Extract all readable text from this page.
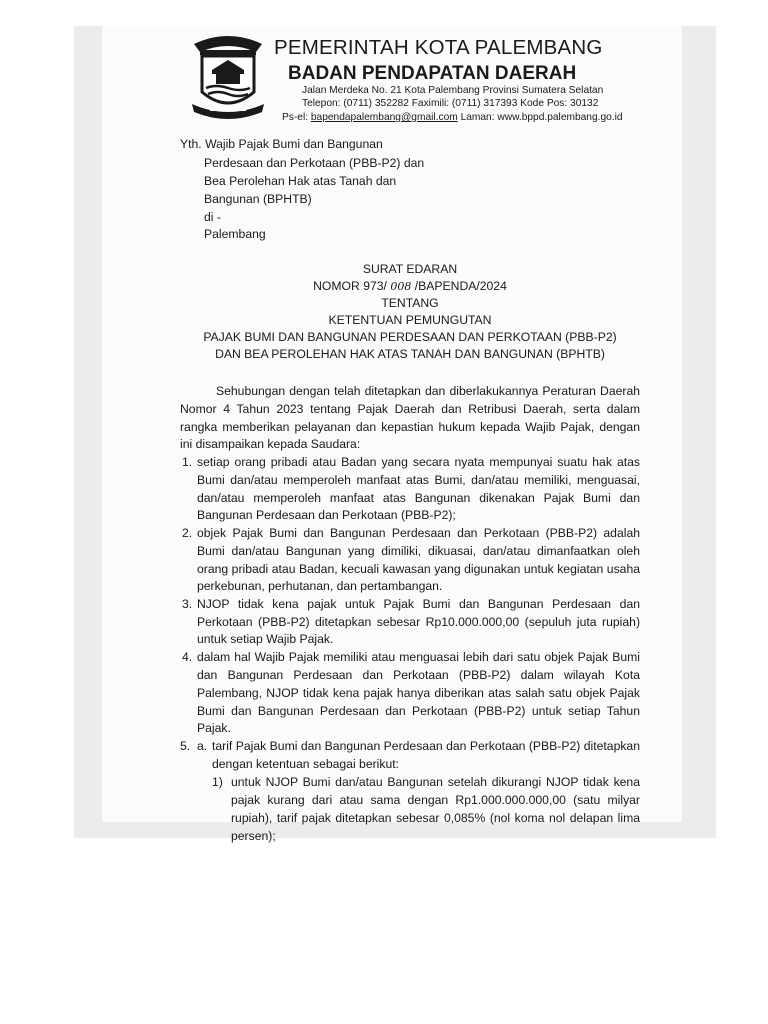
PEMERINTAH KOTA PALEMBANG
BADAN PENDAPATAN DAERAH
Jalan Merdeka No. 21 Kota Palembang Provinsi Sumatera Selatan
Telepon: (0711) 352282 Faximili: (0711) 317393 Kode Pos: 30132
Ps-el: bapendapalembang@gmail.com Laman: www.bppd.palembang.go.id
Yth. Wajib Pajak Bumi dan Bangunan
Perdesaan dan Perkotaan (PBB-P2) dan
Bea Perolehan Hak atas Tanah dan
Bangunan (BPHTB)
di -
Palembang
SURAT EDARAN
NOMOR 973/ 008 /BAPENDA/2024
TENTANG
KETENTUAN PEMUNGUTAN
PAJAK BUMI DAN BANGUNAN PERDESAAN DAN PERKOTAAN (PBB-P2)
DAN BEA PEROLEHAN HAK ATAS TANAH DAN BANGUNAN (BPHTB)
Sehubungan dengan telah ditetapkan dan diberlakukannya Peraturan Daerah
Nomor 4 Tahun 2023 tentang Pajak Daerah dan Retribusi Daerah, serta dalam
rangka memberikan pelayanan dan kepastian hukum kepada Wajib Pajak, dengan
ini disampaikan kepada Saudara:
1. setiap orang pribadi atau Badan yang secara nyata mempunyai suatu hak atas
Bumi dan/atau memperoleh manfaat atas Bumi, dan/atau memiliki, menguasai,
dan/atau memperoleh manfaat atas Bangunan dikenakan Pajak Bumi dan
Bangunan Perdesaan dan Perkotaan (PBB-P2);
2. objek Pajak Bumi dan Bangunan Perdesaan dan Perkotaan (PBB-P2) adalah
Bumi dan/atau Bangunan yang dimiliki, dikuasai, dan/atau dimanfaatkan oleh
orang pribadi atau Badan, kecuali kawasan yang digunakan untuk kegiatan usaha
perkebunan, perhutanan, dan pertambangan.
3. NJOP tidak kena pajak untuk Pajak Bumi dan Bangunan Perdesaan dan
Perkotaan (PBB-P2) ditetapkan sebesar Rp10.000.000,00 (sepuluh juta rupiah)
untuk setiap Wajib Pajak.
4. dalam hal Wajib Pajak memiliki atau menguasai lebih dari satu objek Pajak Bumi
dan Bangunan Perdesaan dan Perkotaan (PBB-P2) dalam wilayah Kota
Palembang, NJOP tidak kena pajak hanya diberikan atas salah satu objek Pajak
Bumi dan Bangunan Perdesaan dan Perkotaan (PBB-P2) untuk setiap Tahun
Pajak.
5. a. tarif Pajak Bumi dan Bangunan Perdesaan dan Perkotaan (PBB-P2) ditetapkan
dengan ketentuan sebagai berikut:
1) untuk NJOP Bumi dan/atau Bangunan setelah dikurangi NJOP tidak kena
pajak kurang dari atau sama dengan Rp1.000.000.000,00 (satu milyar
rupiah), tarif pajak ditetapkan sebesar 0,085% (nol koma nol delapan lima
persen);
